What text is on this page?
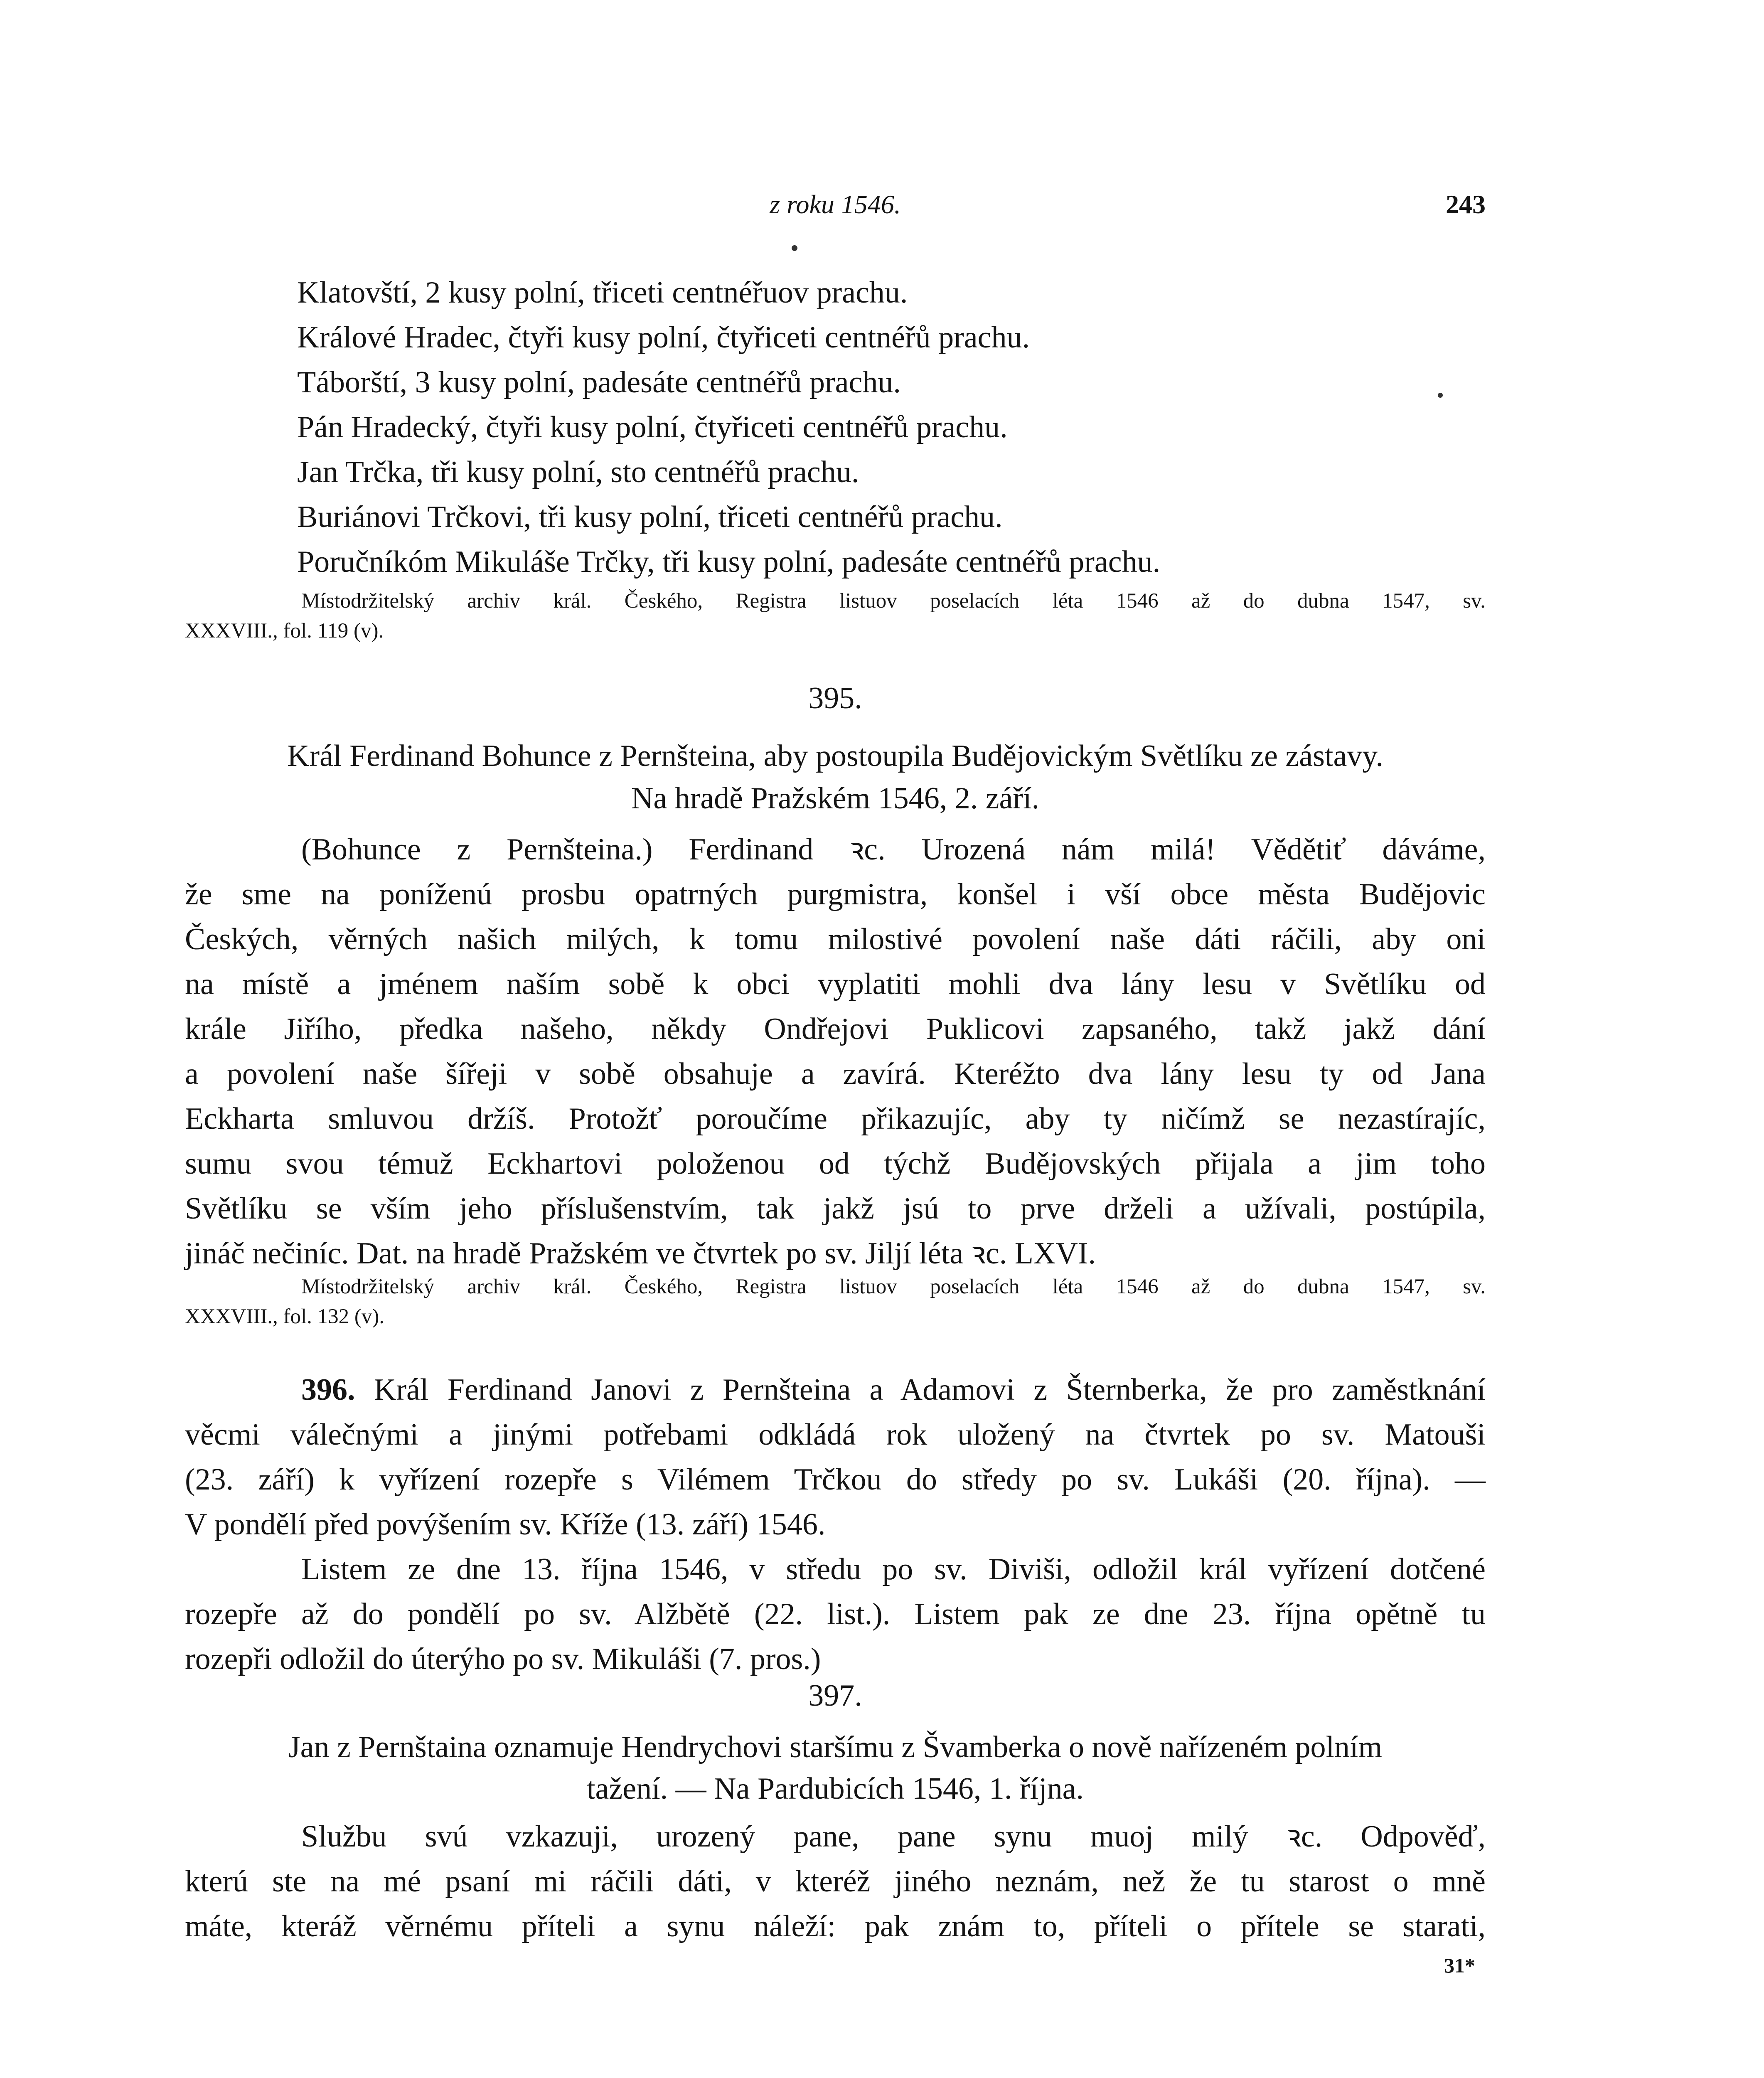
z roku 1546.	243
Klatovští, 2 kusy polní, třiceti centnéřuov prachu.
Králové Hradec, čtyři kusy polní, čtyřiceti centnéřů prachu.
Táborští, 3 kusy polní, padesáte centnéřů prachu.
Pán Hradecký, čtyři kusy polní, čtyřiceti centnéřů prachu.
Jan Trčka, tři kusy polní, sto centnéřů prachu.
Buriánovi Trčkovi, tři kusy polní, třiceti centnéřů prachu.
Poručníkóm Mikuláše Trčky, tři kusy polní, padesáte centnéřů prachu.
Místodržitelský archiv král. Českého, Registra listuov poselacích léta 1546 až do dubna 1547, sv.
XXXVIII., fol. 119 (v).
395.
Král Ferdinand Bohunce z Pernšteina, aby postoupila Budějovickým Světlíku ze zástavy.
Na hradě Pražském 1546, 2. září.
(Bohunce z Pernšteina.) Ferdinand ꝛc. Urozená nám milá! Vědětiť dáváme,
že sme na poníženú prosbu opatrných purgmistra, konšel i vší obce města Budějovic
Českých, věrných našich milých, k tomu milostivé povolení naše dáti ráčili, aby oni
na místě a jménem naším sobě k obci vyplatiti mohli dva lány lesu v Světlíku od
krále Jiřího, předka našeho, někdy Ondřejovi Puklicovi zapsaného, takž jakž dání
a povolení naše šířeji v sobě obsahuje a zavírá. Kteréžto dva lány lesu ty od Jana
Eckharta smluvou držíš. Protožť poroučíme přikazujíc, aby ty ničímž se nezastírajíc,
sumu svou témuž Eckhartovi položenou od týchž Budějovských přijala a jim toho
Světlíku se vším jeho příslušenstvím, tak jakž jsú to prve drželi a užívali, postúpila,
jináč nečiníc. Dat. na hradě Pražském ve čtvrtek po sv. Jiljí léta ꝛc. LXVI.
Místodržitelský archiv král. Českého, Registra listuov poselacích léta 1546 až do dubna 1547, sv.
XXXVIII., fol. 132 (v).
396. Král Ferdinand Janovi z Pernšteina a Adamovi z Šternberka, že pro zaměstknání
věcmi válečnými a jinými potřebami odkládá rok uložený na čtvrtek po sv. Matouši
(23. září) k vyřízení rozepře s Vilémem Trčkou do středy po sv. Lukáši (20. října). —
V pondělí před povýšením sv. Kříže (13. září) 1546.
Listem ze dne 13. října 1546, v středu po sv. Diviši, odložil král vyřízení dotčené
rozepře až do pondělí po sv. Alžbětě (22. list.). Listem pak ze dne 23. října opětně tu
rozepři odložil do úterýho po sv. Mikuláši (7. pros.)
397.
Jan z Pernštaina oznamuje Hendrychovi staršímu z Švamberka o nově nařízeném polním
tažení. — Na Pardubicích 1546, 1. října.
Službu svú vzkazuji, urozený pane, pane synu muoj milý ꝛc. Odpověď,
kterú ste na mé psaní mi ráčili dáti, v kteréž jiného neznám, než že tu starost o mně
máte, kteráž věrnému příteli a synu náleží: pak znám to, příteli o přítele se starati,
31*
